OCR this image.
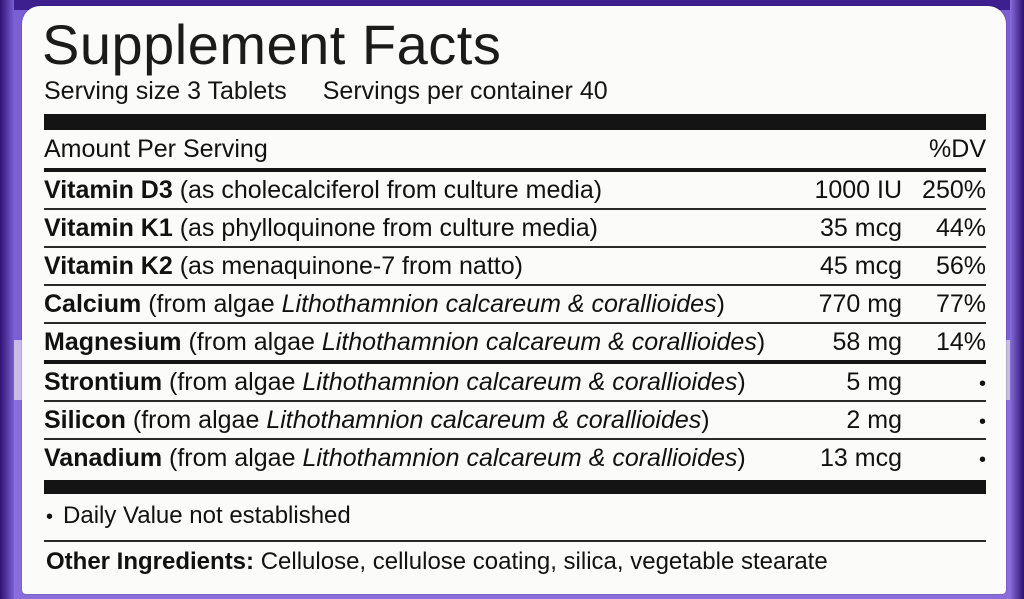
Supplement Facts
Serving size 3 Tablets Servings per container 40
Amount Per Serving	%DV
Vitamin D3 (as cholecalciferol from culture media)	1000 IU 250%
Vitamin K1 (as phylloquinone from culture media)	35 mcg	44%
Vitamin K2 (as menaquinone-7 from natto)	45 mcg	56%
Calcium (from algae Lithothamnion calcareum & corallioides)	770 mg	77%
Magnesium (from algae Lithothamnion calcareum & corallioides)	58 mg	14%
Strontium (from algae Lithothamnion calcareum & corallioides)	5 mg	•
Silicon (from algae Lithothamnion calcareum & corallioides)	2 mg	•
Vanadium (from algae Lithothamnion calcareum & corallioides)	13 mcg	•
• Daily Value not established
Other Ingredients: Cellulose, cellulose coating, silica, vegetable stearate
